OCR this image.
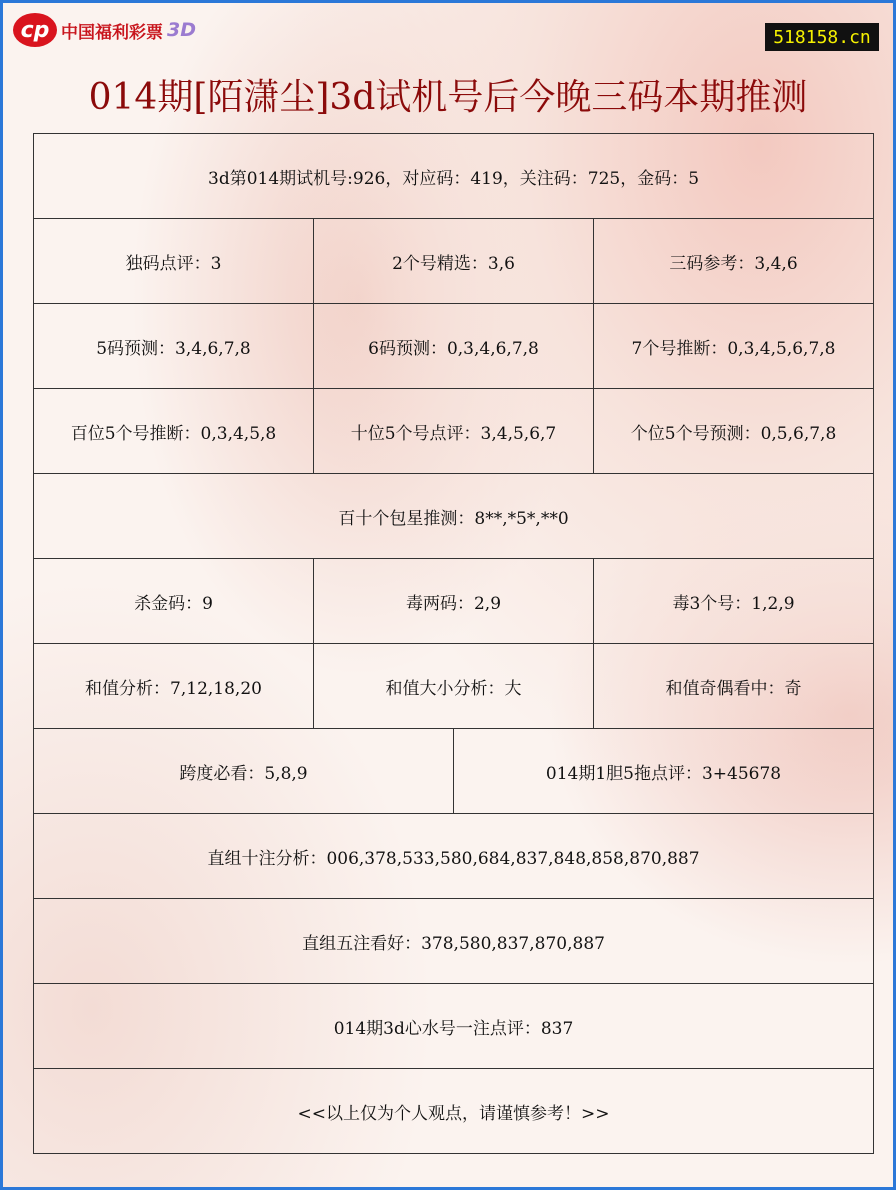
cp 中国福利彩票 3D	518158.cn
014期[陌潇尘]3d试机号后今晚三码本期推测
3d第014期试机号:926，对应码：419，关注码：725，金码：5			
独码点评：3	2个号精选：3,6		三码参考：3,4,6
5码预测：3,4,6,7,8	6码预测：0,3,4,6,7,8		7个号推断：0,3,4,5,6,7,8
百位5个号推断：0,3,4,5,8	十位5个号点评：3,4,5,6,7		个位5个号预测：0,5,6,7,8
百十个包星推测：8**,*5*,**0			
杀金码：9	毒两码：2,9		毒3个号：1,2,9
和值分析：7,12,18,20	和值大小分析：大		和值奇偶看中：奇
跨度必看：5,8,9		014期1胆5拖点评：3+45678	
直组十注分析：006,378,533,580,684,837,848,858,870,887			
直组五注看好：378,580,837,870,887			
014期3d心水号一注点评：837			
<<以上仅为个人观点，请谨慎参考！>>			
